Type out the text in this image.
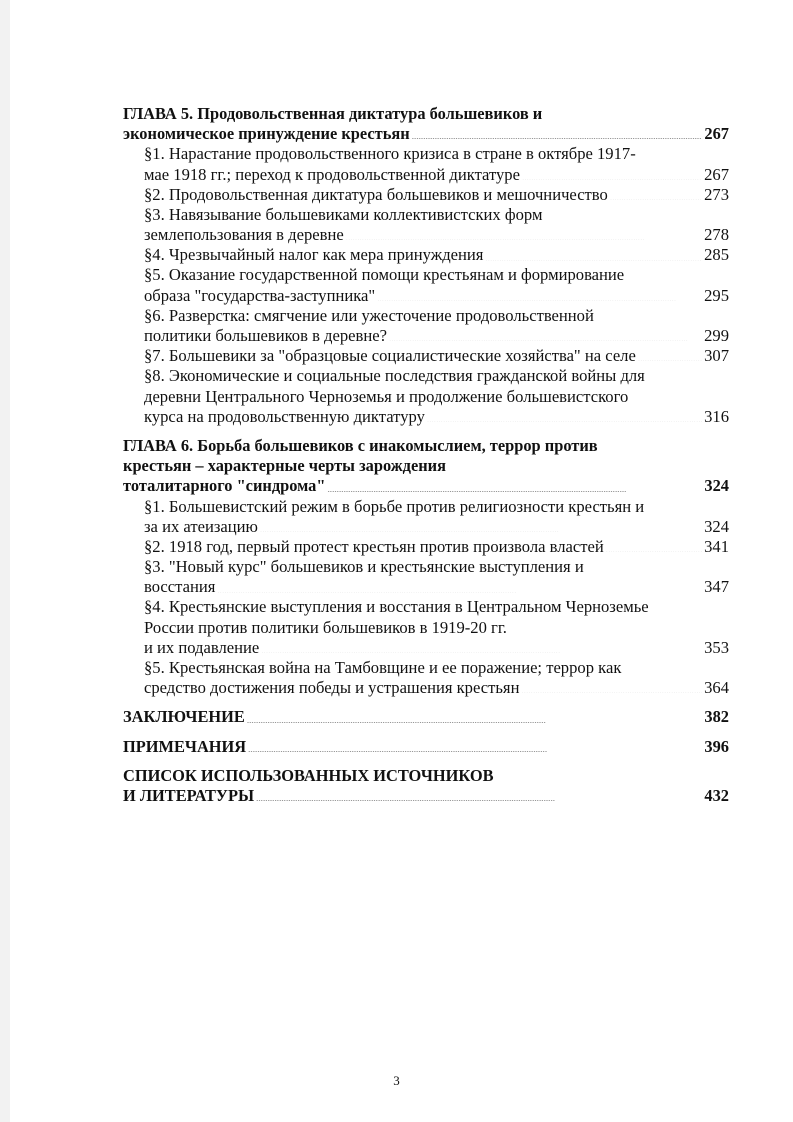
ГЛАВА 5. Продовольственная диктатура большевиков и
экономическое принуждение крестьян . . .	267
§1. Нарастание продовольственного кризиса в стране в октябре 1917-
мае 1918 гг.; переход к продовольственной диктатуре . . .	267
§2. Продовольственная диктатура большевиков и мешочничество . . .	273
§3. Навязывание большевиками коллективистских форм
землепользования в деревне . . .	278
§4. Чрезвычайный налог как мера принуждения . . .	285
§5. Оказание государственной помощи крестьянам и формирование
образа "государства-заступника" . . .	295
§6. Разверстка: смягчение или ужесточение продовольственной
политики большевиков в деревне? . . .	299
§7. Большевики за "образцовые социалистические хозяйства" на селе . . .	307
§8. Экономические и социальные последствия гражданской войны для
деревни Центрального Черноземья и продолжение большевистского
курса на продовольственную диктатуру . . .	316
ГЛАВА 6. Борьба большевиков с инакомыслием, террор против
крестьян – характерные черты зарождения
тоталитарного "синдрома" . . .	324
§1. Большевистский режим в борьбе против религиозности крестьян и
за их атеизацию . . .	324
§2. 1918 год, первый протест крестьян против произвола властей . . .	341
§3. "Новый курс" большевиков и крестьянские выступления и
восстания . . .	347
§4. Крестьянские выступления и восстания в Центральном Черноземье
России против политики большевиков в 1919-20 гг.
и их подавление . . .	353
§5. Крестьянская война на Тамбовщине и ее поражение; террор как
средство достижения победы и устрашения крестьян . . .	364
ЗАКЛЮЧЕНИЕ . . .	382
ПРИМЕЧАНИЯ . . .	396
СПИСОК ИСПОЛЬЗОВАННЫХ ИСТОЧНИКОВ
И ЛИТЕРАТУРЫ . . .	432
3
